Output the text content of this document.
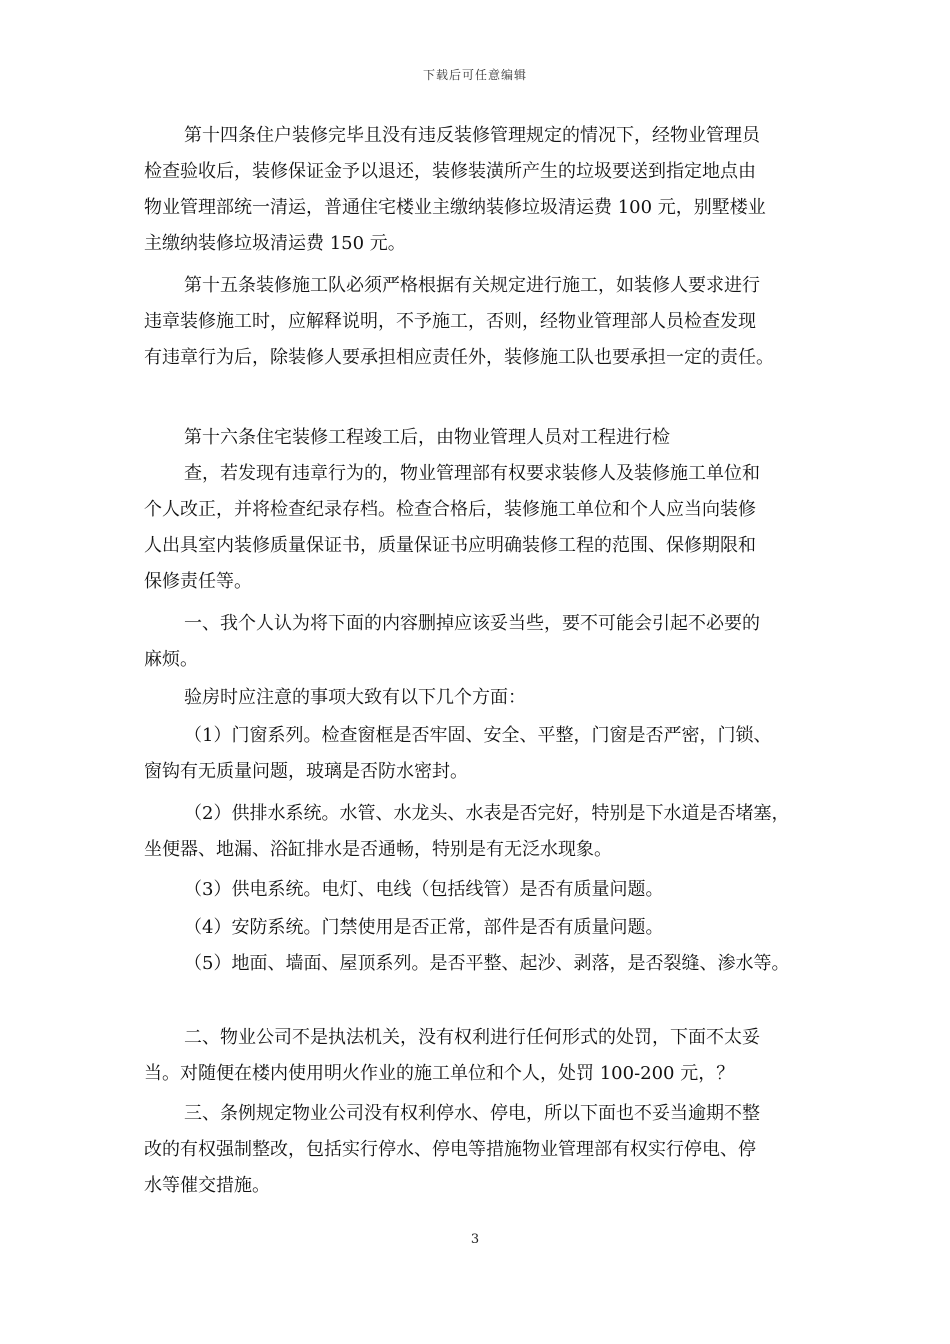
下载后可任意编辑
第十四条住户装修完毕且没有违反装修管理规定的情况下，经物业管理员
检查验收后，装修保证金予以退还，装修装潢所产生的垃圾要送到指定地点由
物业管理部统一清运，普通住宅楼业主缴纳装修垃圾清运费 100 元，别墅楼业
主缴纳装修垃圾清运费 150 元。
第十五条装修施工队必须严格根据有关规定进行施工，如装修人要求进行
违章装修施工时，应解释说明，不予施工，否则，经物业管理部人员检查发现
有违章行为后，除装修人要承担相应责任外，装修施工队也要承担一定的责任。
第十六条住宅装修工程竣工后，由物业管理人员对工程进行检
查，若发现有违章行为的，物业管理部有权要求装修人及装修施工单位和
个人改正，并将检查纪录存档。检查合格后，装修施工单位和个人应当向装修
人出具室内装修质量保证书，质量保证书应明确装修工程的范围、保修期限和
保修责任等。
一、我个人认为将下面的内容删掉应该妥当些，要不可能会引起不必要的
麻烦。
验房时应注意的事项大致有以下几个方面：
（1）门窗系列。检查窗框是否牢固、安全、平整，门窗是否严密，门锁、
窗钩有无质量问题，玻璃是否防水密封。
（2）供排水系统。水管、水龙头、水表是否完好，特别是下水道是否堵塞，
坐便器、地漏、浴缸排水是否通畅，特别是有无泛水现象。
（3）供电系统。电灯、电线（包括线管）是否有质量问题。
（4）安防系统。门禁使用是否正常，部件是否有质量问题。
（5）地面、墙面、屋顶系列。是否平整、起沙、剥落，是否裂缝、渗水等。
二、物业公司不是执法机关，没有权利进行任何形式的处罚，下面不太妥
当。对随便在楼内使用明火作业的施工单位和个人，处罚 100-200 元，？
三、条例规定物业公司没有权利停水、停电，所以下面也不妥当逾期不整
改的有权强制整改，包括实行停水、停电等措施物业管理部有权实行停电、停
水等催交措施。
3
